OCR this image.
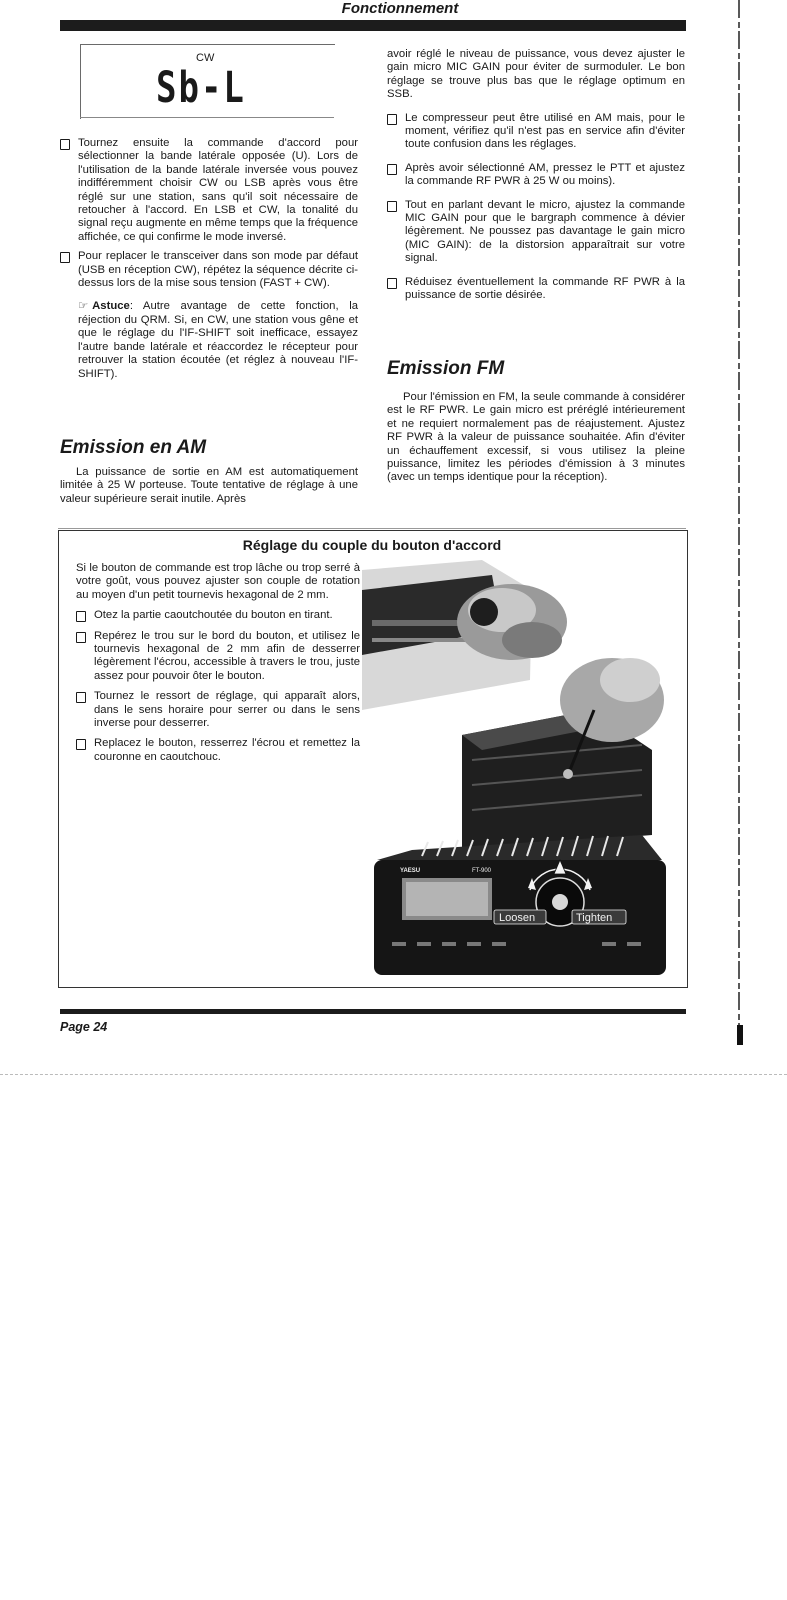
Fonctionnement
CW
Sb-L

Tournez ensuite la commande d'accord pour sélectionner la bande latérale opposée (U). Lors de l'utilisation de la bande latérale inversée vous pouvez indifféremment choisir CW ou LSB après vous être réglé sur une station, sans qu'il soit nécessaire de retoucher à l'accord. En LSB et CW, la tonalité du signal reçu augmente en même temps que la fréquence affichée, ce qui confirme le mode inversé.

Pour replacer le transceiver dans son mode par défaut (USB en réception CW), répétez la séquence décrite ci-dessus lors de la mise sous tension (FAST + CW).

☞ Astuce: Autre avantage de cette fonction, la réjection du QRM. Si, en CW, une station vous gêne et que le réglage du l'IF-SHIFT soit inefficace, essayez l'autre bande latérale et réaccordez le récepteur pour retrouver la station écoutée (et réglez à nouveau l'IF-SHIFT).

Emission en AM
La puissance de sortie en AM est automatiquement limitée à 25 W porteuse. Toute tentative de réglage à une valeur supérieure serait inutile. Après

avoir réglé le niveau de puissance, vous devez ajuster le gain micro MIC GAIN pour éviter de surmoduler. Le bon réglage se trouve plus bas que le réglage optimum en SSB.

Le compresseur peut être utilisé en AM mais, pour le moment, vérifiez qu'il n'est pas en service afin d'éviter toute confusion dans les réglages.

Après avoir sélectionné AM, pressez le PTT et ajustez la commande RF PWR à 25 W ou moins).

Tout en parlant devant le micro, ajustez la commande MIC GAIN pour que le bargraph commence à dévier légèrement. Ne poussez pas davantage le gain micro (MIC GAIN): de la distorsion apparaîtrait sur votre signal.

Réduisez éventuellement la commande RF PWR à la puissance de sortie désirée.

Emission FM
Pour l'émission en FM, la seule commande à considérer est le RF PWR. Le gain micro est préréglé intérieurement et ne requiert normalement pas de réajustement. Ajustez RF PWR à la valeur de puissance souhaitée. Afin d'éviter un échauffement excessif, si vous utilisez la pleine puissance, limitez les périodes d'émission à 3 minutes (avec un temps identique pour la réception).
Réglage du couple du bouton d'accord

Si le bouton de commande est trop lâche ou trop serré à votre goût, vous pouvez ajuster son couple de rotation au moyen d'un petit tournevis hexagonal de 2 mm.

Otez la partie caoutchoutée du bouton en tirant.

Repérez le trou sur le bord du bouton, et utilisez le tournevis hexagonal de 2 mm afin de desserrer légèrement l'écrou, accessible à travers le trou, juste assez pour pouvoir ôter le bouton.

Tournez le ressort de réglage, qui apparaît alors, dans le sens horaire pour serrer ou dans le sens inverse pour desserrer.

Replacez le bouton, resserrez l'écrou et remettez la couronne en caoutchouc.

YAESU	FT-900
Loosen	Tighten
Page 24
